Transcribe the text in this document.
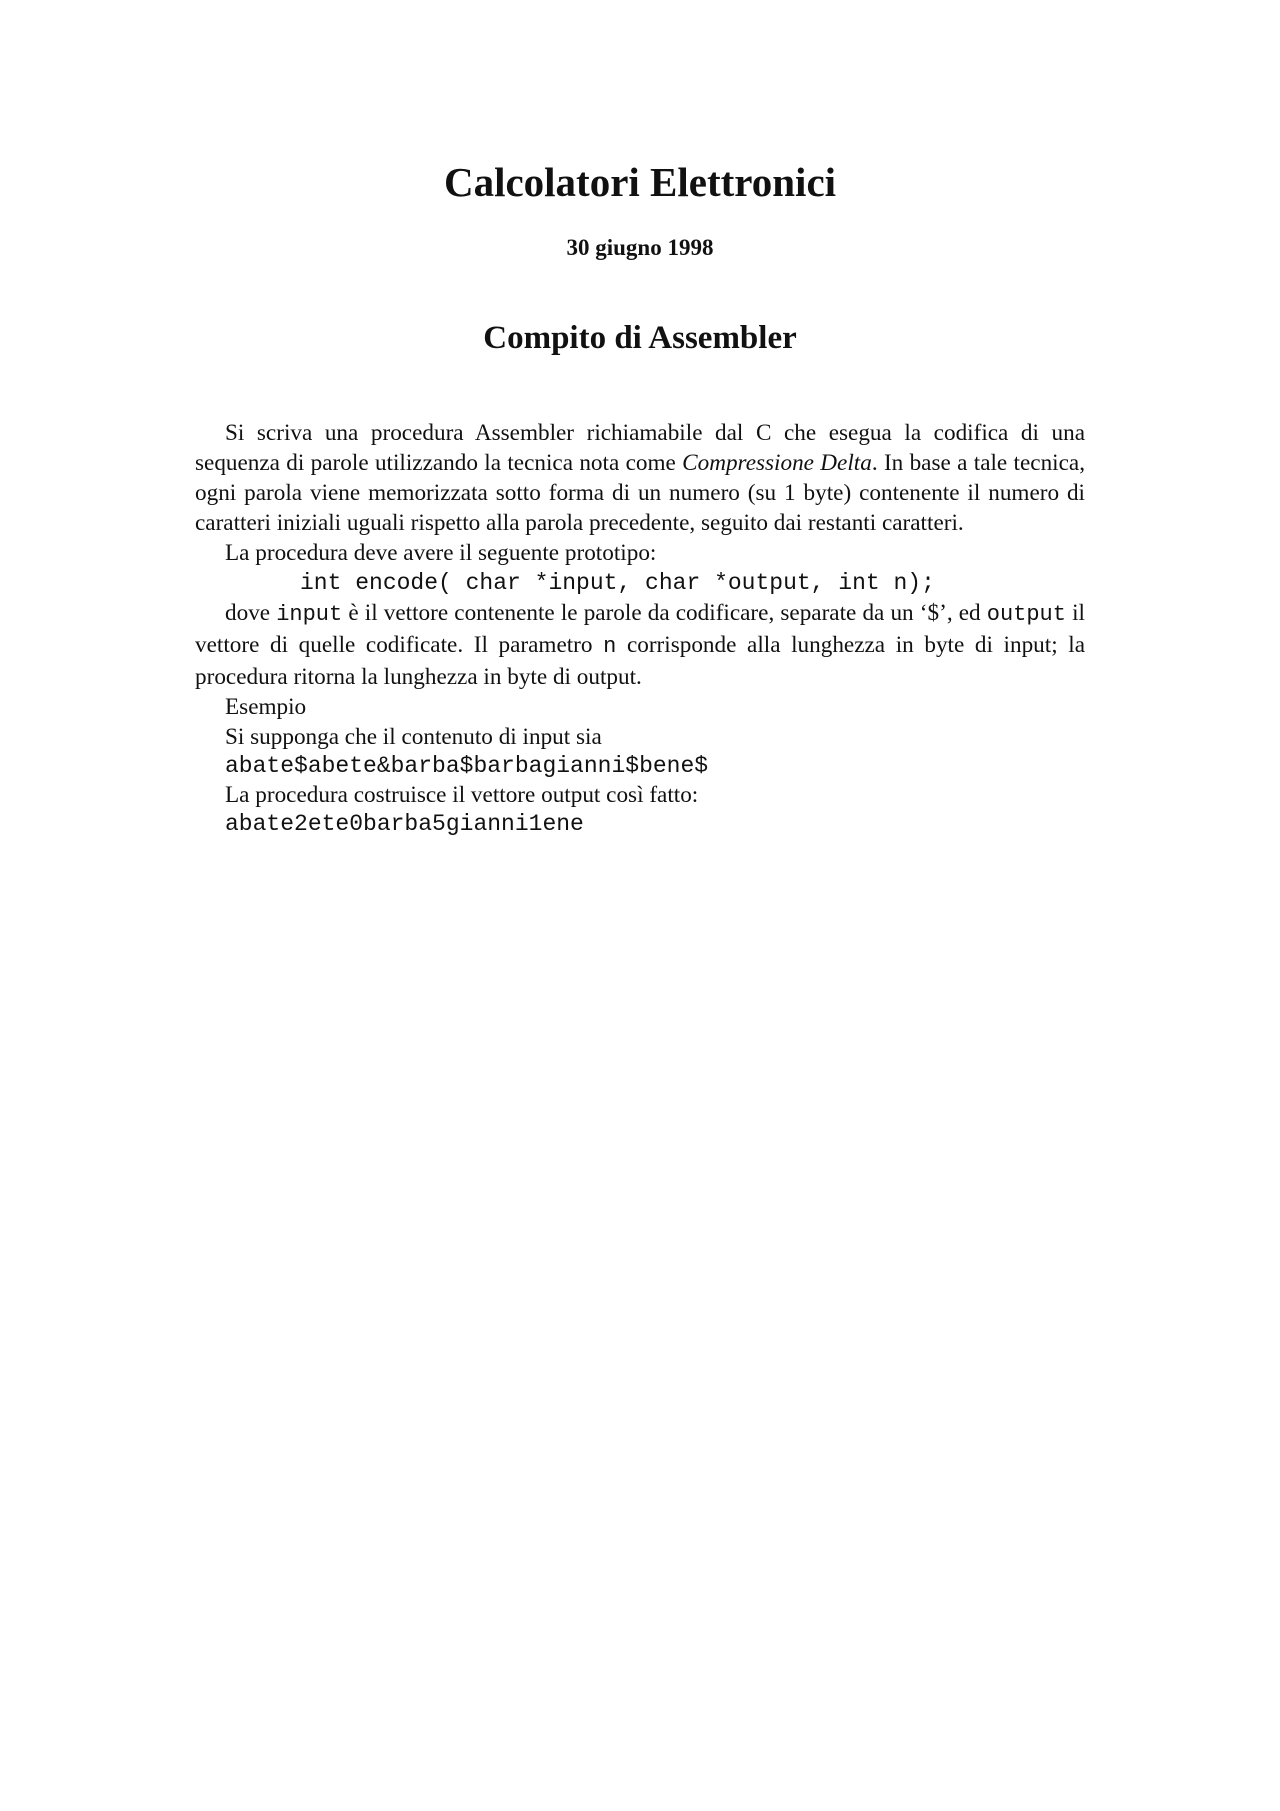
Calcolatori Elettronici
30 giugno 1998
Compito di Assembler

Si scriva una procedura Assembler richiamabile dal C che esegua la codifica di una sequenza di parole utilizzando la tecnica nota come Compressione Delta. In base a tale tecnica, ogni parola viene memorizzata sotto forma di un numero (su 1 byte) contenente il numero di caratteri iniziali uguali rispetto alla parola precedente, seguito dai restanti caratteri.

La procedura deve avere il seguente prototipo:

int encode( char *input, char *output, int n);

dove input è il vettore contenente le parole da codificare, separate da un ‘$’, ed output il vettore di quelle codificate. Il parametro n corrisponde alla lunghezza in byte di input; la procedura ritorna la lunghezza in byte di output.

Esempio

Si supponga che il contenuto di input sia

abate$abete&barba$barbagianni$bene$

La procedura costruisce il vettore output così fatto:

abate2ete0barba5gianni1ene
